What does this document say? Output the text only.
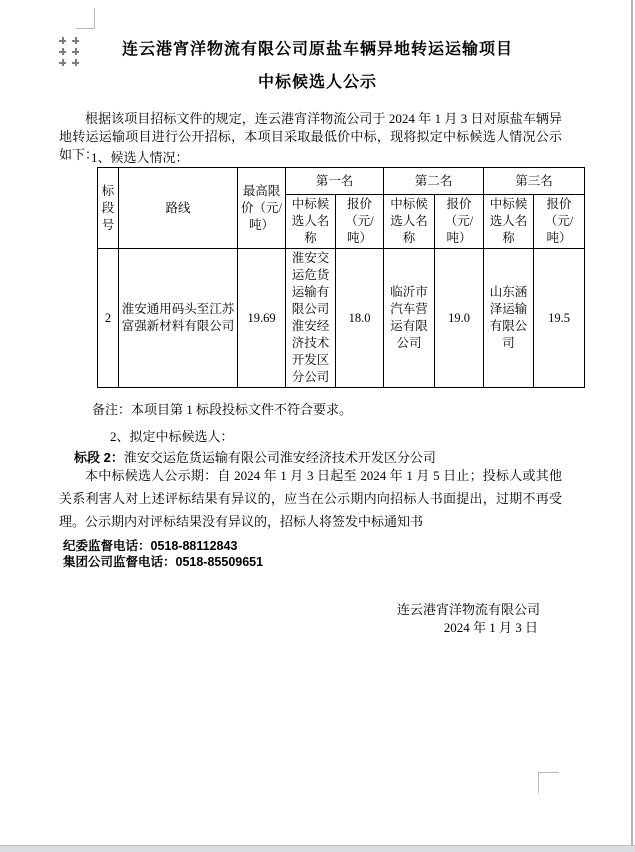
连云港宵洋物流有限公司原盐车辆异地转运运输项目
中标候选人公示
根据该项目招标文件的规定，连云港宵洋物流公司于 2024 年 1 月 3 日对原盐车辆异地转运运输项目进行公开招标，本项目采取最低价中标，现将拟定中标候选人情况公示如下：
1、候选人情况：
标段号	路线	最高限价（元/吨）	第一名		第二名		第三名	
			中标候选人名称	报价（元/吨）	中标候选人名称	报价（元/吨）	中标候选人名称	报价（元/吨）
2	淮安通用码头至江苏富强新材料有限公司	19.69	淮安交运危货运输有限公司淮安经济技术开发区分公司	18.0	临沂市汽车营运有限公司	19.0	山东涵泽运输有限公司	19.5
备注：本项目第 1 标段投标文件不符合要求。
2、拟定中标候选人：
标段 2：淮安交运危货运输有限公司淮安经济技术开发区分公司
本中标候选人公示期：自 2024 年 1 月 3 日起至 2024 年 1 月 5 日止；投标人或其他关系利害人对上述评标结果有异议的，应当在公示期内向招标人书面提出，过期不再受理。公示期内对评标结果没有异议的，招标人将签发中标通知书
纪委监督电话：0518-88112843
集团公司监督电话：0518-85509651
连云港宵洋物流有限公司
2024 年 1 月 3 日
